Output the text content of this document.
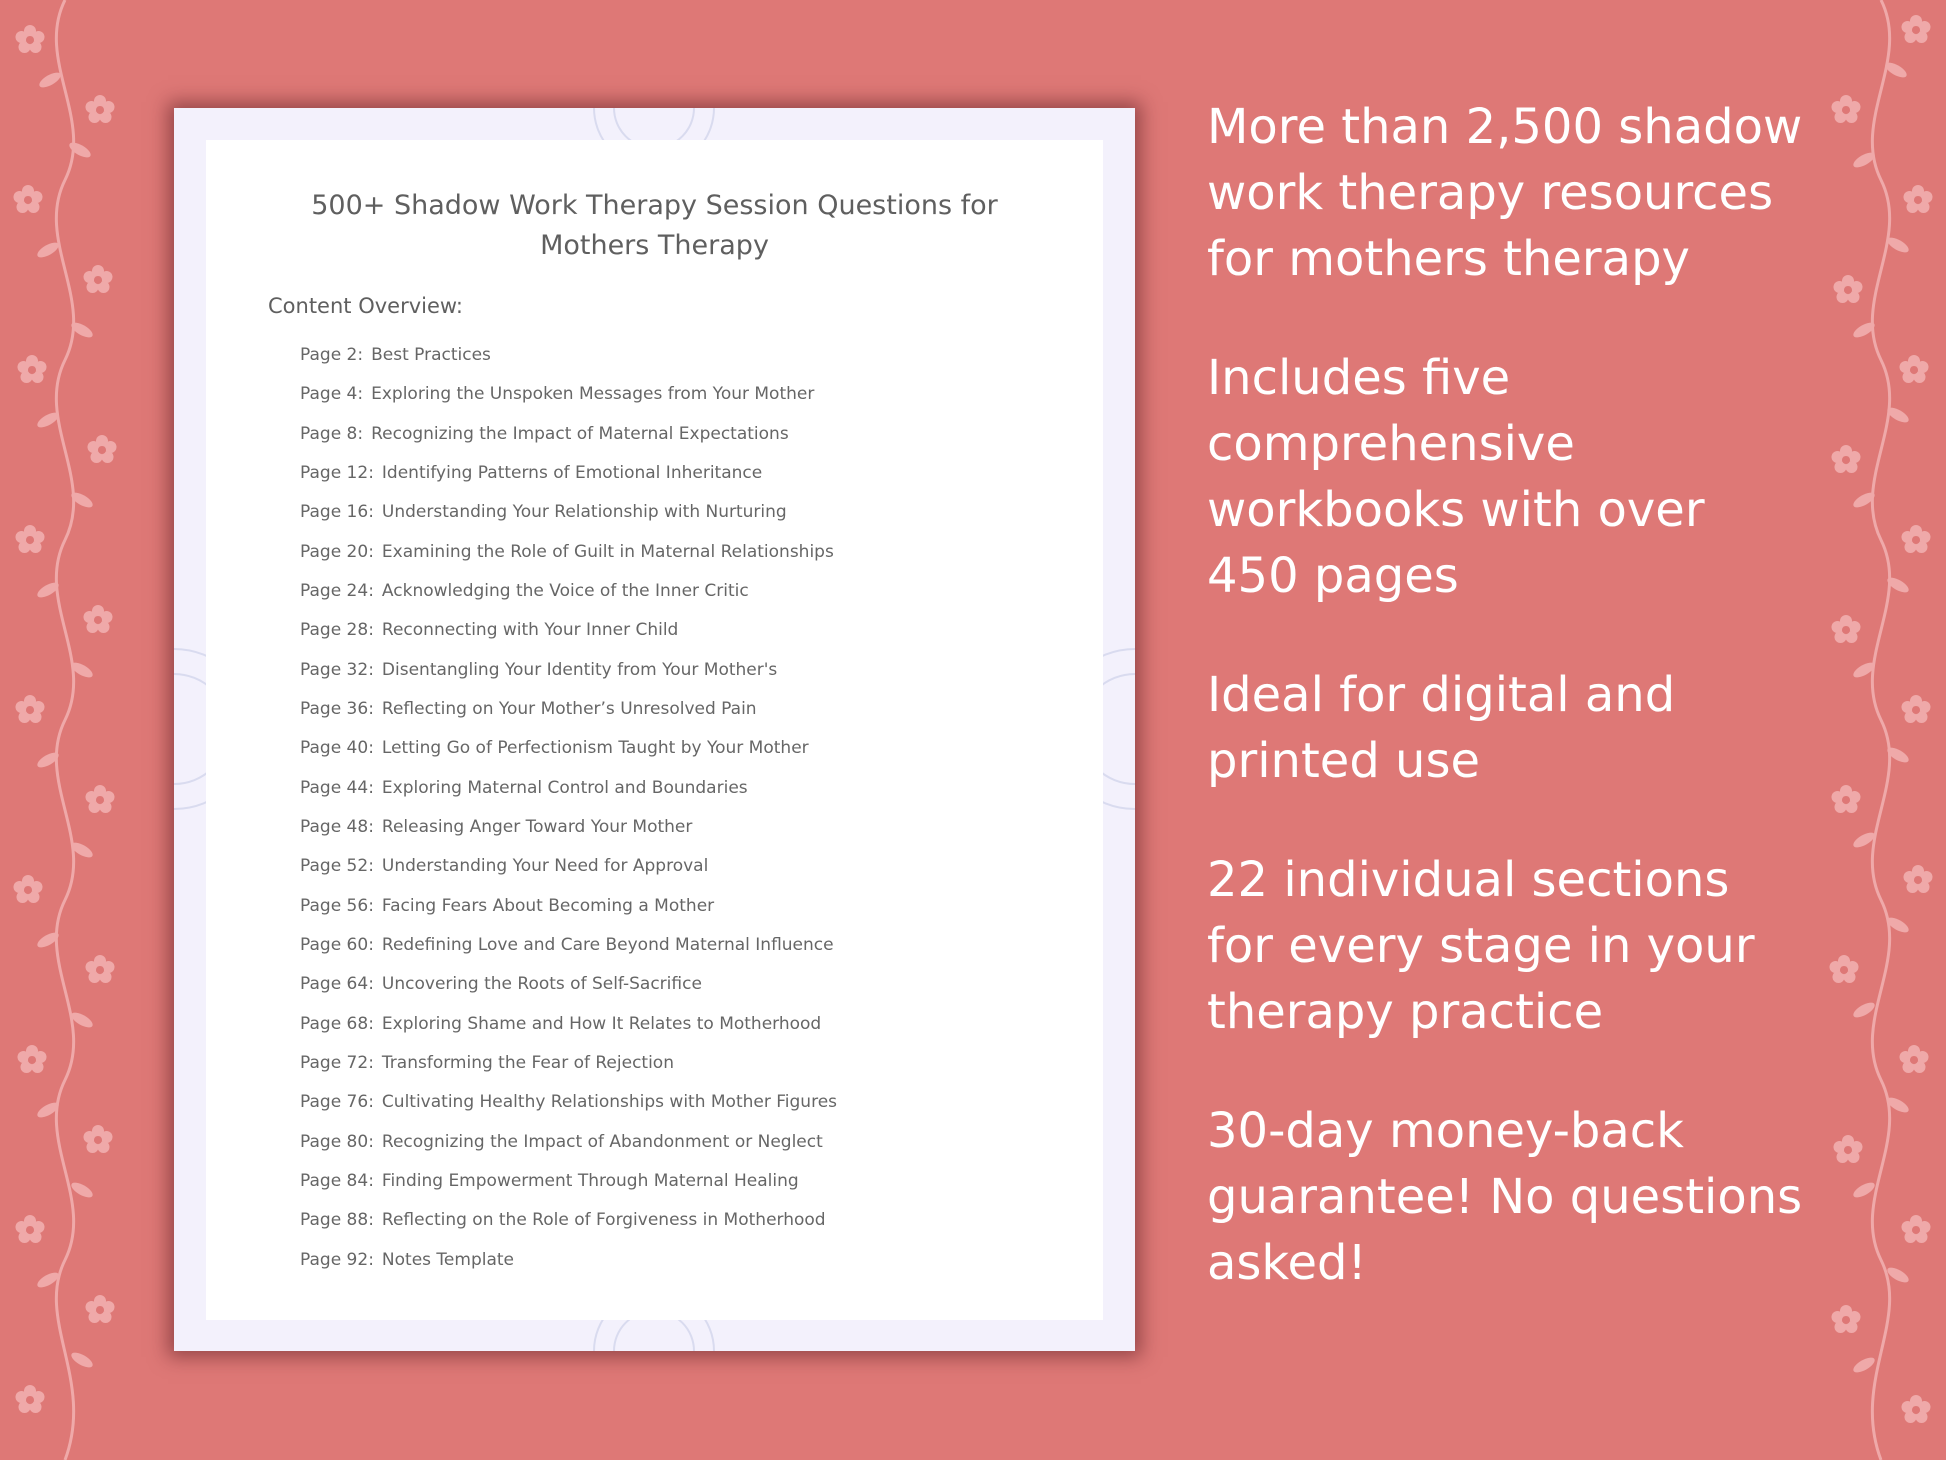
500+ Shadow Work Therapy Session Questions for
Mothers Therapy
Content Overview:
Page 2: Best Practices
Page 4: Exploring the Unspoken Messages from Your Mother
Page 8: Recognizing the Impact of Maternal Expectations
Page 12: Identifying Patterns of Emotional Inheritance
Page 16: Understanding Your Relationship with Nurturing
Page 20: Examining the Role of Guilt in Maternal Relationships
Page 24: Acknowledging the Voice of the Inner Critic
Page 28: Reconnecting with Your Inner Child
Page 32: Disentangling Your Identity from Your Mother's
Page 36: Reflecting on Your Mother’s Unresolved Pain
Page 40: Letting Go of Perfectionism Taught by Your Mother
Page 44: Exploring Maternal Control and Boundaries
Page 48: Releasing Anger Toward Your Mother
Page 52: Understanding Your Need for Approval
Page 56: Facing Fears About Becoming a Mother
Page 60: Redefining Love and Care Beyond Maternal Influence
Page 64: Uncovering the Roots of Self-Sacrifice
Page 68: Exploring Shame and How It Relates to Motherhood
Page 72: Transforming the Fear of Rejection
Page 76: Cultivating Healthy Relationships with Mother Figures
Page 80: Recognizing the Impact of Abandonment or Neglect
Page 84: Finding Empowerment Through Maternal Healing
Page 88: Reflecting on the Role of Forgiveness in Motherhood
Page 92: Notes Template
More than 2,500 shadow work therapy resources for mothers therapy
Includes five comprehensive workbooks with over 450 pages
Ideal for digital and printed use
22 individual sections for every stage in your therapy practice
30-day money-back guarantee! No questions asked!
